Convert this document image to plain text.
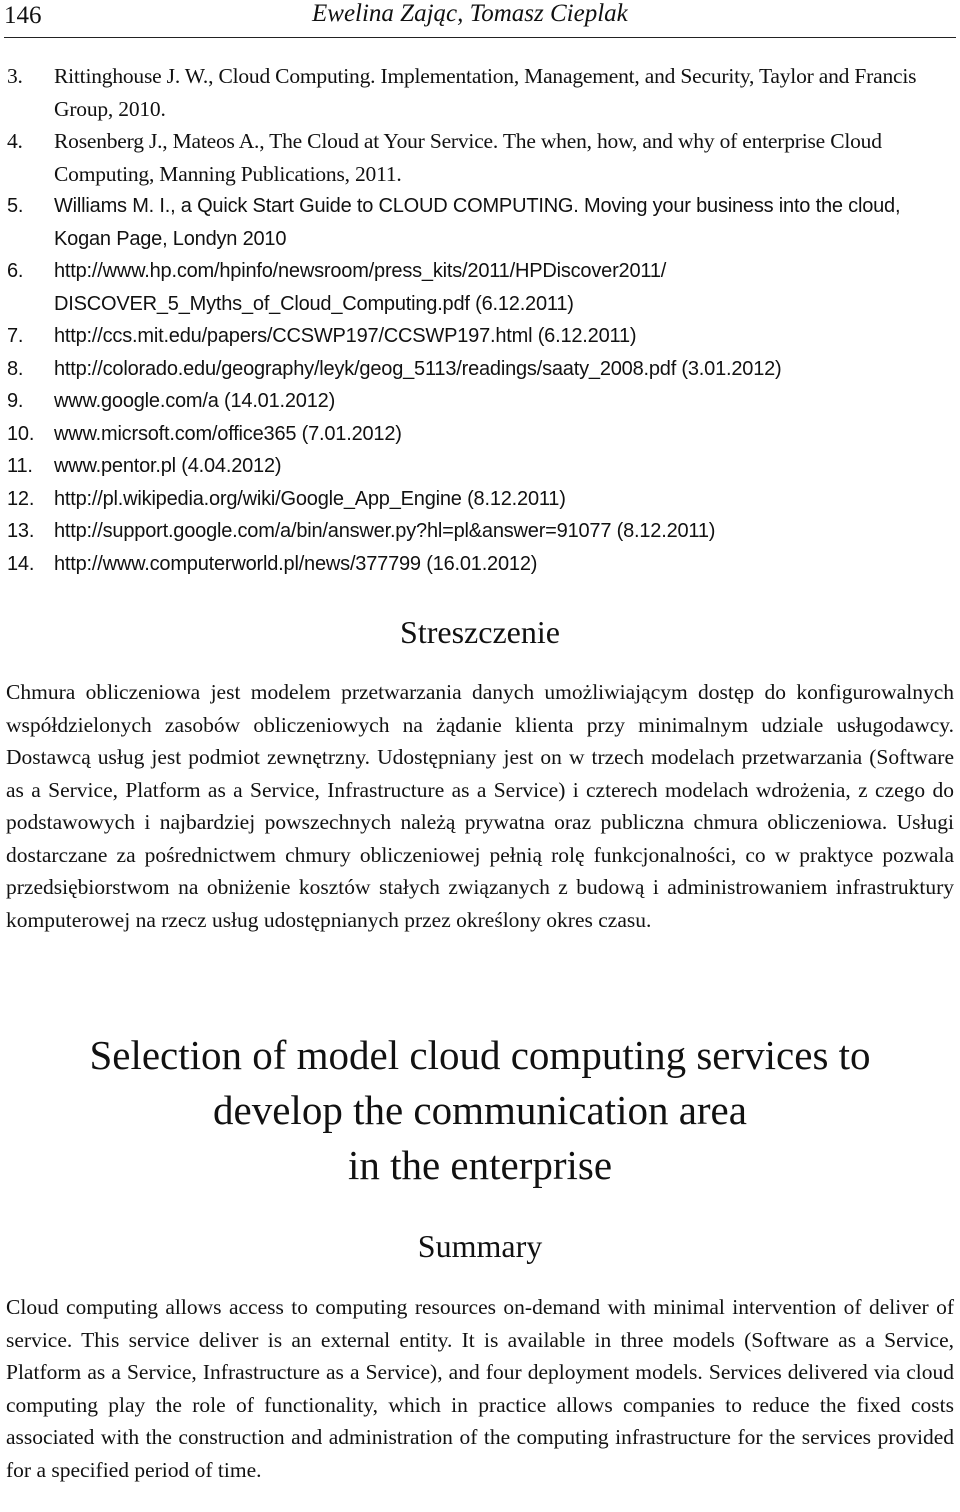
146	Ewelina Zając, Tomasz Cieplak
3. Rittinghouse J. W., Cloud Computing. Implementation, Management, and Security, Taylor and Francis Group, 2010.
4. Rosenberg J., Mateos A., The Cloud at Your Service. The when, how, and why of enterprise Cloud Computing, Manning Publications, 2011.
5. Williams M. I., a Quick Start Guide to CLOUD COMPUTING. Moving your business into the cloud, Kogan Page, Londyn 2010
6. http://www.hp.com/hpinfo/newsroom/press_kits/2011/HPDiscover2011/ DISCOVER_5_Myths_of_Cloud_Computing.pdf (6.12.2011)
7. http://ccs.mit.edu/papers/CCSWP197/CCSWP197.html (6.12.2011)
8. http://colorado.edu/geography/leyk/geog_5113/readings/saaty_2008.pdf (3.01.2012)
9. www.google.com/a (14.01.2012)
10. www.micrsoft.com/office365 (7.01.2012)
11. www.pentor.pl (4.04.2012)
12. http://pl.wikipedia.org/wiki/Google_App_Engine (8.12.2011)
13. http://support.google.com/a/bin/answer.py?hl=pl&answer=91077 (8.12.2011)
14. http://www.computerworld.pl/news/377799 (16.01.2012)
Streszczenie

Chmura obliczeniowa jest modelem przetwarzania danych umożliwiającym dostęp do konfigurowalnych współdzielonych zasobów obliczeniowych na żądanie klienta przy minimalnym udziale usługodawcy. Dostawcą usług jest podmiot zewnętrzny. Udostępniany jest on w trzech modelach przetwarzania (Software as a Service, Platform as a Service, Infrastructure as a Service) i czterech modelach wdrożenia, z czego do podstawowych i najbardziej powszechnych należą prywatna oraz publiczna chmura obliczeniowa. Usługi dostarczane za pośrednictwem chmury obliczeniowej pełnią rolę funkcjonalności, co w praktyce pozwala przedsiębiorstwom na obniżenie kosztów stałych związanych z budową i administrowaniem infrastruktury komputerowej na rzecz usług udostępnianych przez określony okres czasu.

Selection of model cloud computing services to
develop the communication area
in the enterprise
Summary

Cloud computing allows access to computing resources on-demand with minimal intervention of deliver of service. This service deliver is an external entity. It is available in three models (Software as a Service, Platform as a Service, Infrastructure as a Service), and four deployment models. Services delivered via cloud computing play the role of functionality, which in practice allows companies to reduce the fixed costs associated with the construction and administration of the computing infrastructure for the services provided for a specified period of time.
